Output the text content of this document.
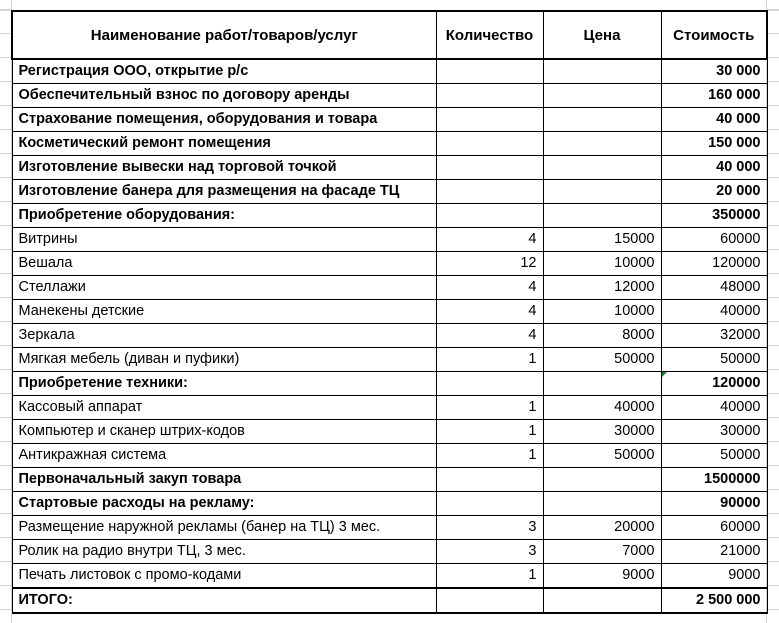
Наименование работ/товаров/услуг	Количество	Цена	Стоимость
Регистрация ООО, открытие р/с			30 000
Обеспечительный взнос по договору аренды			160 000
Страхование помещения, оборудования и товара			40 000
Косметический ремонт помещения			150 000
Изготовление вывески над торговой точкой			40 000
Изготовление банера для размещения на фасаде ТЦ			20 000
Приобретение оборудования:			350000
Витрины	4	15000	60000
Вешала	12	10000	120000
Стеллажи	4	12000	48000
Манекены детские	4	10000	40000
Зеркала	4	8000	32000
Мягкая мебель (диван и пуфики)	1	50000	50000
Приобретение техники:			120000
Кассовый аппарат	1	40000	40000
Компьютер и сканер штрих-кодов	1	30000	30000
Антикражная система	1	50000	50000
Первоначальный закуп товара			1500000
Стартовые расходы на рекламу:			90000
Размещение наружной рекламы (банер на ТЦ) 3 мес.	3	20000	60000
Ролик на радио внутри ТЦ, 3 мес.	3	7000	21000
Печать листовок с промо-кодами	1	9000	9000
ИТОГО:			2 500 000
